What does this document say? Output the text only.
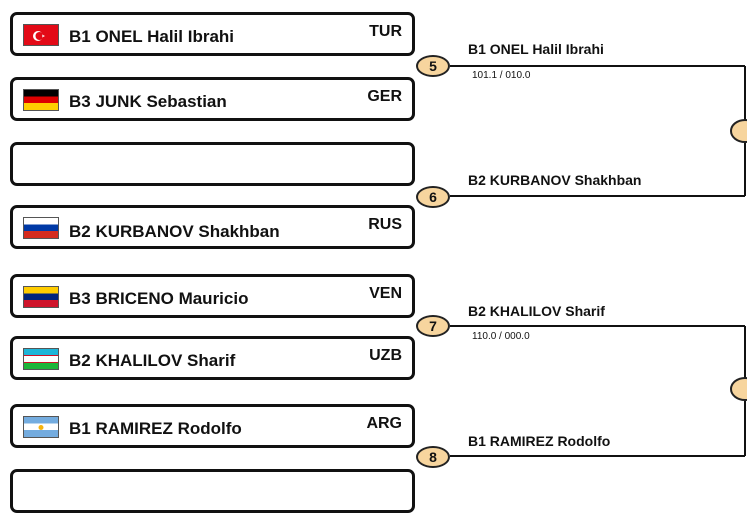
B1 ONEL Halil Ibrahi	TUR
B3 JUNK Sebastian	GER
B2 KURBANOV Shakhban	RUS
B3 BRICENO Mauricio	VEN
B2 KHALILOV Sharif	UZB
B1 RAMIREZ Rodolfo	ARG
5
6
7
8
B1 ONEL Halil Ibrahi
101.1 / 010.0
B2 KURBANOV Shakhban
B2 KHALILOV Sharif
110.0 / 000.0
B1 RAMIREZ Rodolfo
